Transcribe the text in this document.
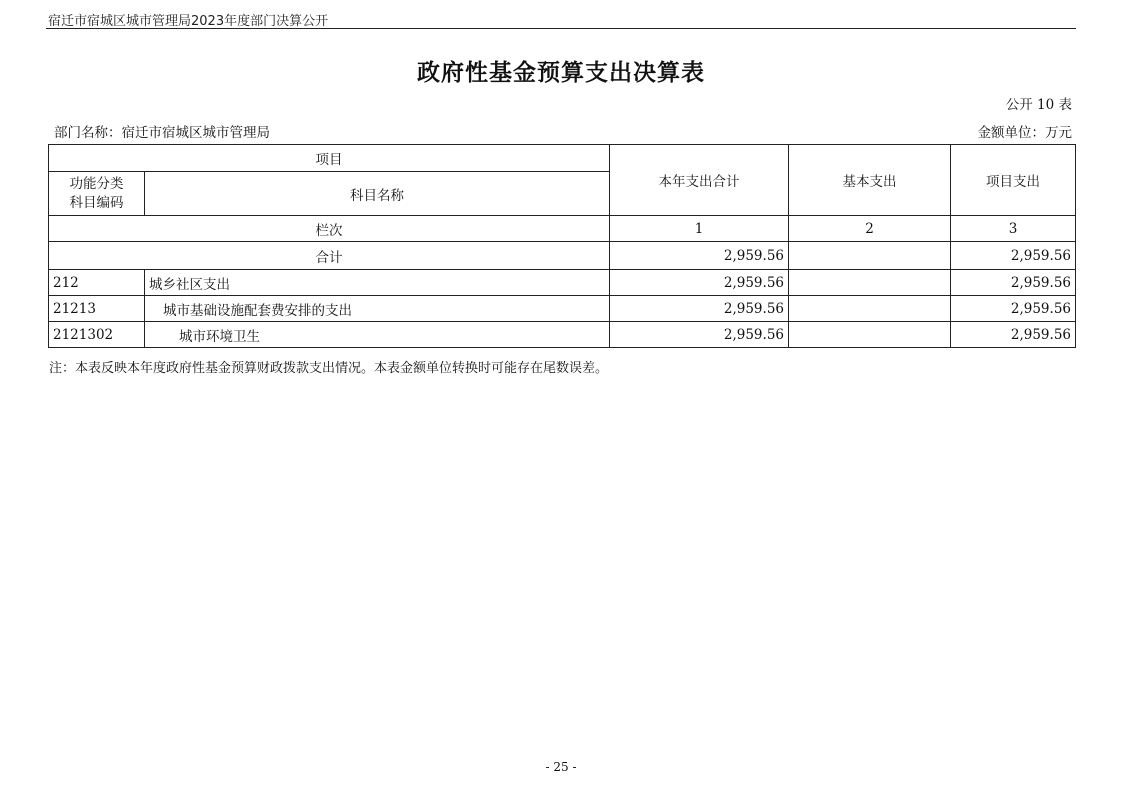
宿迁市宿城区城市管理局2023年度部门决算公开
政府性基金预算支出决算表
公开 10 表
部门名称：宿迁市宿城区城市管理局	金额单位：万元
项目		本年支出合计	基本支出	项目支出
功能分类
科目编码	科目名称			
栏次		1	2	3
合计		2,959.56		2,959.56
212	城乡社区支出	2,959.56		2,959.56
21213	城市基础设施配套费安排的支出	2,959.56		2,959.56
2121302	城市环境卫生	2,959.56		2,959.56
注：本表反映本年度政府性基金预算财政拨款支出情况。本表金额单位转换时可能存在尾数误差。
- 25 -
